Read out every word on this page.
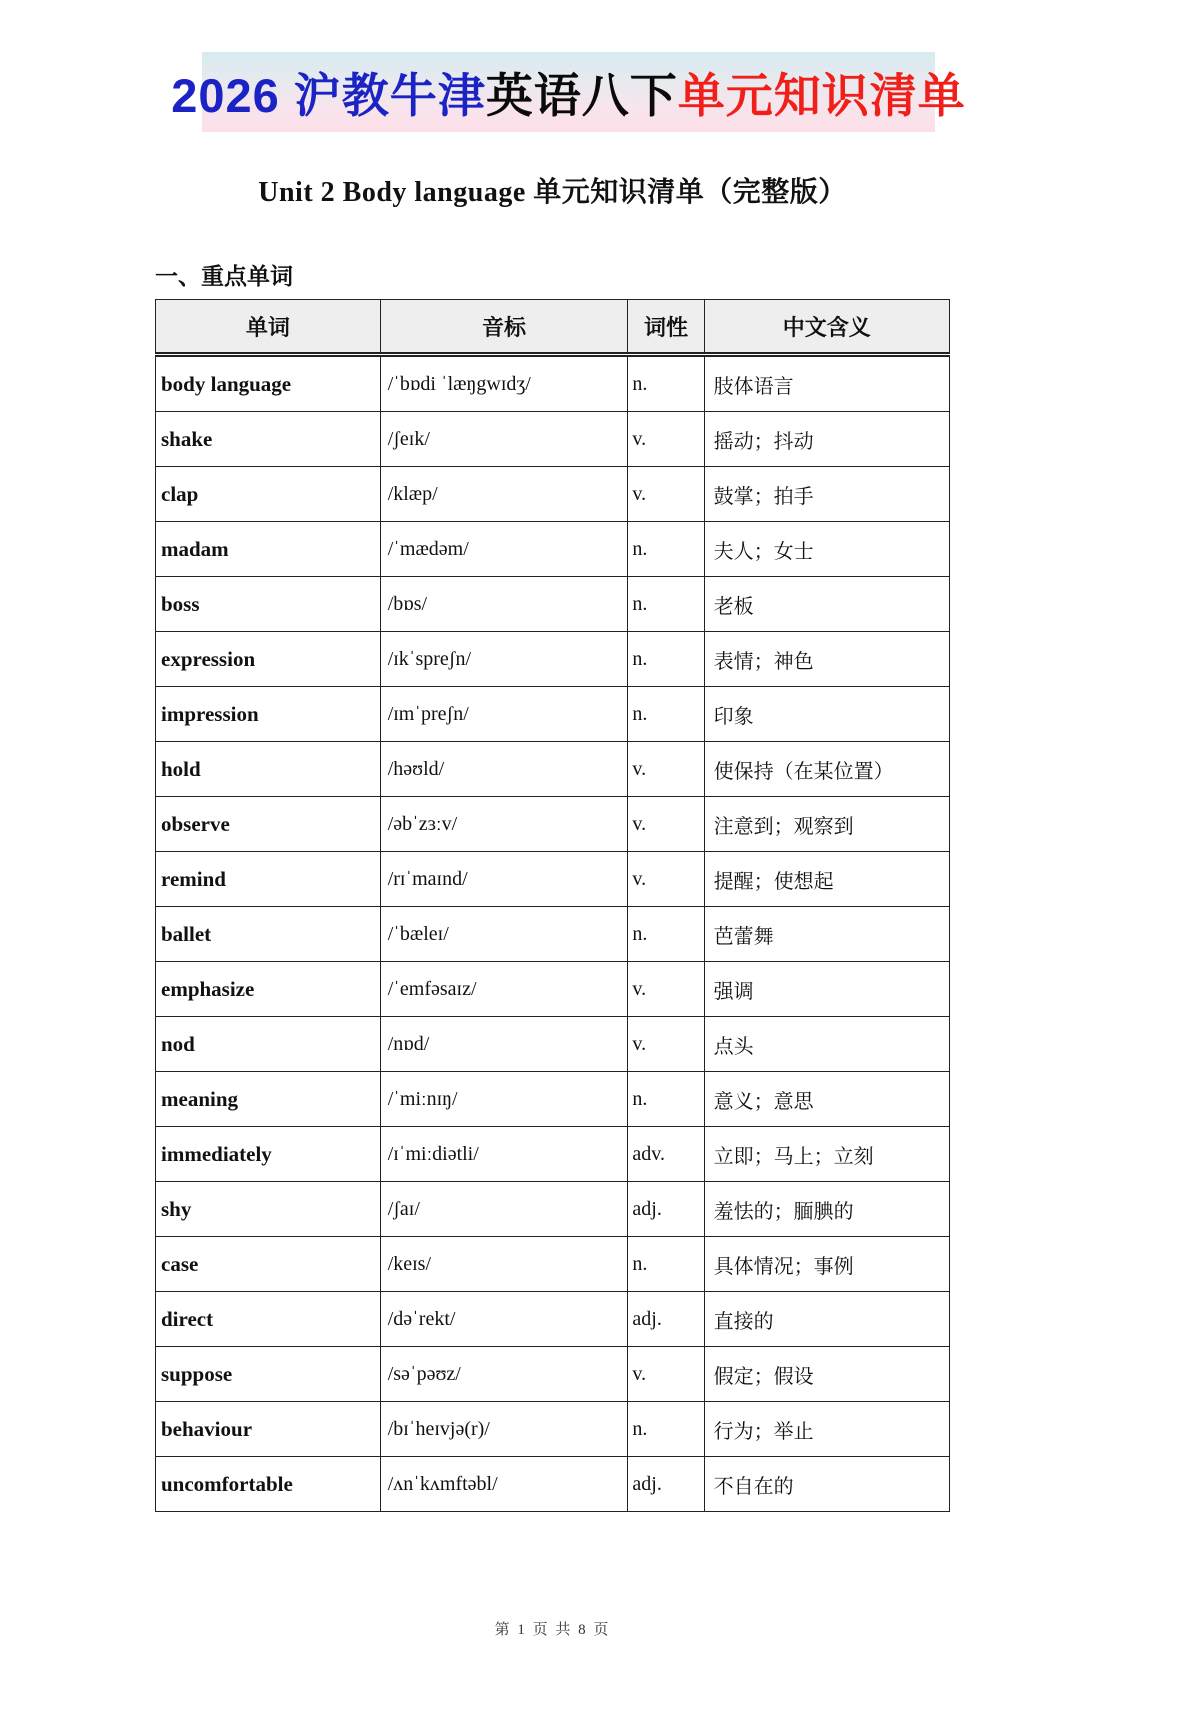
2026 沪教牛津 英语八下 单元知识清单
Unit 2 Body language 单元知识清单（完整版）
一、重点单词
单词	音标	词性	中文含义
body language	/ˈbɒdi ˈlæŋgwɪdʒ/	n.	肢体语言
shake	/ʃeɪk/	v.	摇动；抖动
clap	/klæp/	v.	鼓掌；拍手
madam	/ˈmædəm/	n.	夫人；女士
boss	/bɒs/	n.	老板
expression	/ɪkˈspreʃn/	n.	表情；神色
impression	/ɪmˈpreʃn/	n.	印象
hold	/həʊld/	v.	使保持（在某位置）
observe	/əbˈzɜːv/	v.	注意到；观察到
remind	/rɪˈmaɪnd/	v.	提醒；使想起
ballet	/ˈbæleɪ/	n.	芭蕾舞
emphasize	/ˈemfəsaɪz/	v.	强调
nod	/nɒd/	v.	点头
meaning	/ˈmiːnɪŋ/	n.	意义；意思
immediately	/ɪˈmiːdiətli/	adv.	立即；马上；立刻
shy	/ʃaɪ/	adj.	羞怯的；腼腆的
case	/keɪs/	n.	具体情况；事例
direct	/dəˈrekt/	adj.	直接的
suppose	/səˈpəʊz/	v.	假定；假设
behaviour	/bɪˈheɪvjə(r)/	n.	行为；举止
uncomfortable	/ʌnˈkʌmftəbl/	adj.	不自在的
第 1 页 共 8 页
